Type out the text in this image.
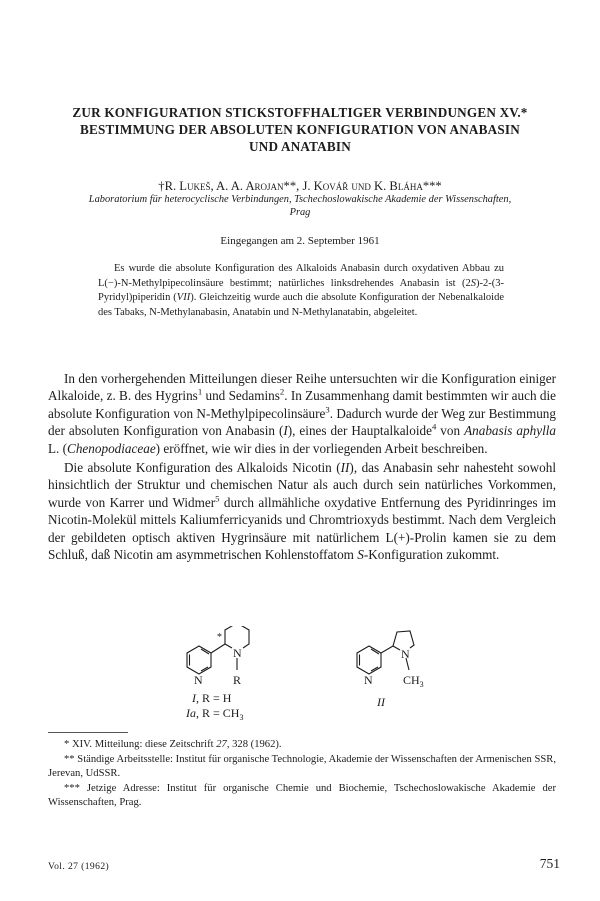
ZUR KONFIGURATION STICKSTOFFHALTIGER VERBINDUNGEN XV.*
BESTIMMUNG DER ABSOLUTEN KONFIGURATION VON ANABASIN
UND ANATABIN
†R. Lukeš, A. A. Arojan**, J. Kovář und K. Bláha***
Laboratorium für heterocyclische Verbindungen, Tschechoslowakische Akademie der Wissenschaften,
Prag
Eingegangen am 2. September 1961
Es wurde die absolute Konfiguration des Alkaloids Anabasin durch oxydativen Abbau zu L(−)-N-Methylpipecolinsäure bestimmt; natürliches linksdrehendes Anabasin ist (2S)-2-(3-Pyridyl)piperidin (VII). Gleichzeitig wurde auch die absolute Konfiguration der Nebenalkaloide des Tabaks, N-Methylanabasin, Anatabin und N-Methylanatabin, abgeleitet.

In den vorhergehenden Mitteilungen dieser Reihe untersuchten wir die Konfiguration einiger Alkaloide, z. B. des Hygrins$^1$ und Sedamins$^2$. In Zusammenhang damit bestimmten wir auch die absolute Konfiguration von N-Methylpipecolinsäure$^3$. Dadurch wurde der Weg zur Bestimmung der absoluten Konfiguration von Anabasin (I), eines der Hauptalkaloide$^4$ von Anabasis aphylla L. (Chenopodiaceae) eröffnet, wie wir dies in der vorliegenden Arbeit beschreiben.

Die absolute Konfiguration des Alkaloids Nicotin (II), das Anabasin sehr nahesteht sowohl hinsichtlich der Struktur und chemischen Natur als auch durch sein natürliches Vorkommen, wurde von Karrer und Widmer$^5$ durch allmähliche oxydative Entfernung des Pyridinringes im Nicotin-Molekül mittels Kaliumferricyanids und Chromtrioxyds bestimmt. Nach dem Vergleich der gebildeten optisch aktiven Hygrinsäure mit natürlichem L(+)-Prolin kamen sie zu dem Schluß, daß Nicotin am asymmetrischen Kohlenstoffatom S-Konfiguration zukommt.

*
N
N	R
I, R = H
Ia, $R = CH_3$
N
N	$CH_3$
II

* XIV. Mitteilung: diese Zeitschrift 27, 328 (1962).

** Ständige Arbeitsstelle: Institut für organische Technologie, Akademie der Wissenschaften der Armenischen SSR, Jerevan, UdSSR.

*** Jetzige Adresse: Institut für organische Chemie und Biochemie, Tschechoslowakische Akademie der Wissenschaften, Prag.

Vol. 27 (1962)	751
